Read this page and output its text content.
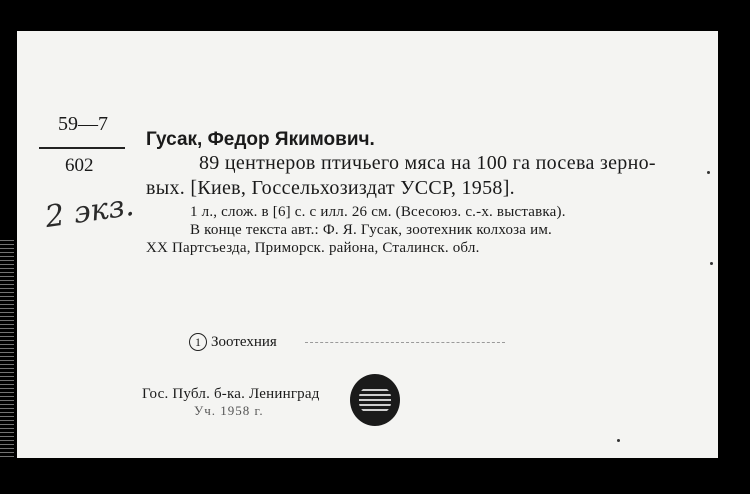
59—7
602
2 экз.
Гусак, Федор Якимович.
89 центнеров птичьего мяса на 100 га посева зерно-
вых. [Киев, Госсельхозиздат УССР, 1958].
1 л., слож. в [6] с. с илл. 26 см. (Всесоюз. с.-х. выставка).
В конце текста авт.: Ф. Я. Гусак, зоотехник колхоза им.
XX Партсъезда, Приморск. района, Сталинск. обл.
1 Зоотехния
Гос. Публ. б-ка. Ленинград
Уч. 1958 г.
